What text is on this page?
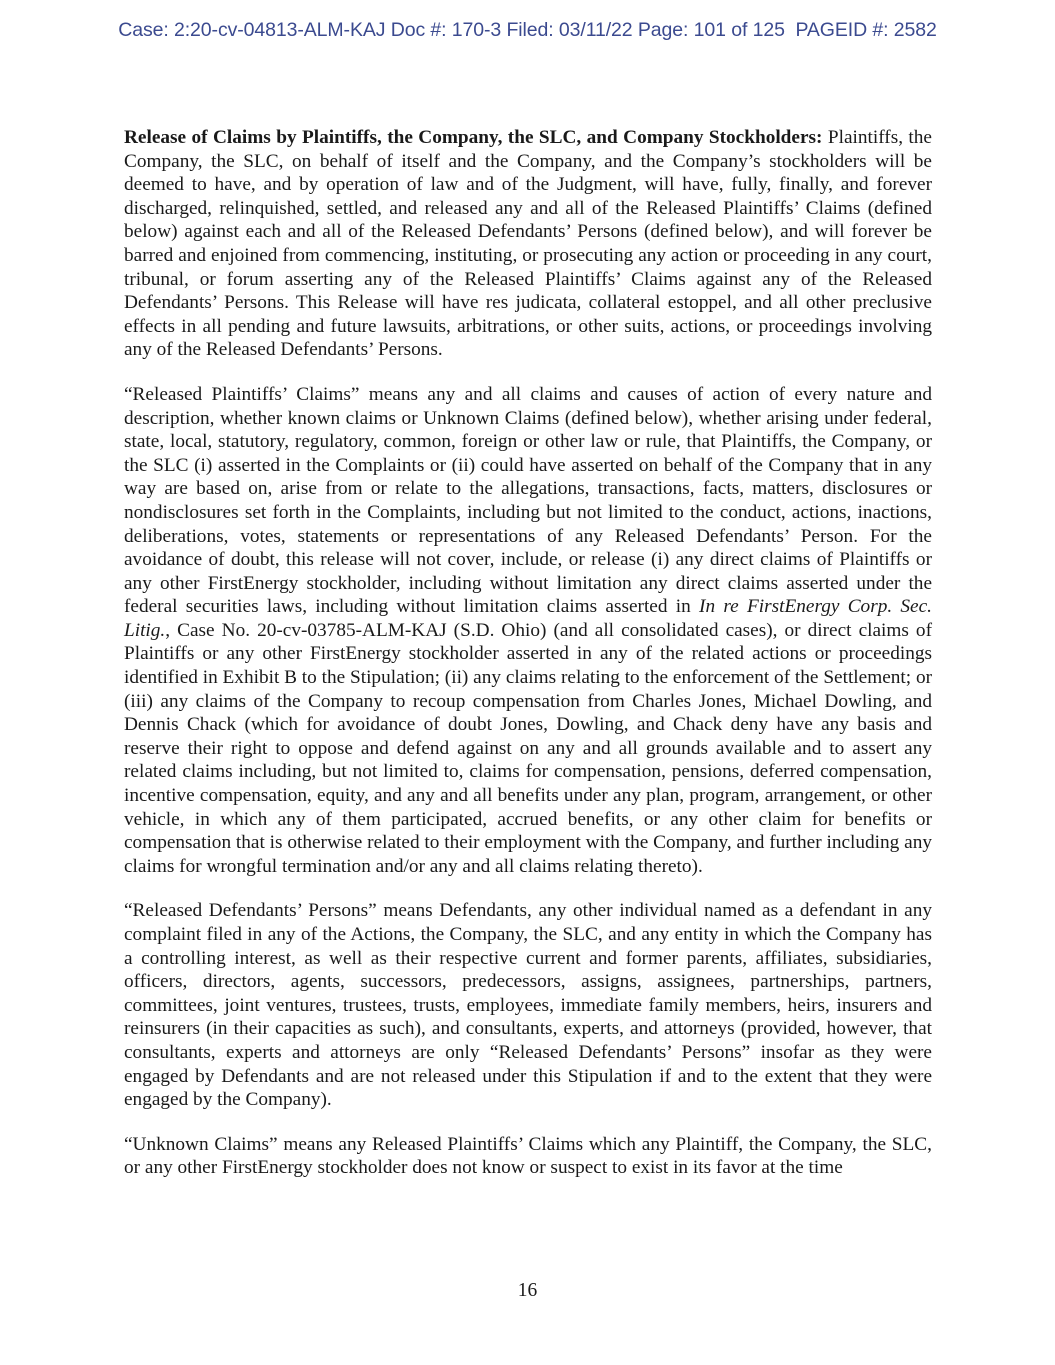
Case: 2:20-cv-04813-ALM-KAJ Doc #: 170-3 Filed: 03/11/22 Page: 101 of 125  PAGEID #: 2582

Release of Claims by Plaintiffs, the Company, the SLC, and Company Stockholders: Plaintiffs, the Company, the SLC, on behalf of itself and the Company, and the Company’s stockholders will be deemed to have, and by operation of law and of the Judgment, will have, fully, finally, and forever discharged, relinquished, settled, and released any and all of the Released Plaintiffs’ Claims (defined below) against each and all of the Released Defendants’ Persons (defined below), and will forever be barred and enjoined from commencing, instituting, or prosecuting any action or proceeding in any court, tribunal, or forum asserting any of the Released Plaintiffs’ Claims against any of the Released Defendants’ Persons. This Release will have res judicata, collateral estoppel, and all other preclusive effects in all pending and future lawsuits, arbitrations, or other suits, actions, or proceedings involving any of the Released Defendants’ Persons.

“Released Plaintiffs’ Claims” means any and all claims and causes of action of every nature and description, whether known claims or Unknown Claims (defined below), whether arising under federal, state, local, statutory, regulatory, common, foreign or other law or rule, that Plaintiffs, the Company, or the SLC (i) asserted in the Complaints or (ii) could have asserted on behalf of the Company that in any way are based on, arise from or relate to the allegations, transactions, facts, matters, disclosures or nondisclosures set forth in the Complaints, including but not limited to the conduct, actions, inactions, deliberations, votes, statements or representations of any Released Defendants’ Person. For the avoidance of doubt, this release will not cover, include, or release (i) any direct claims of Plaintiffs or any other FirstEnergy stockholder, including without limitation any direct claims asserted under the federal securities laws, including without limitation claims asserted in In re FirstEnergy Corp. Sec. Litig., Case No. 20-cv-03785-ALM-KAJ (S.D. Ohio) (and all consolidated cases), or direct claims of Plaintiffs or any other FirstEnergy stockholder asserted in any of the related actions or proceedings identified in Exhibit B to the Stipulation; (ii) any claims relating to the enforcement of the Settlement; or (iii) any claims of the Company to recoup compensation from Charles Jones, Michael Dowling, and Dennis Chack (which for avoidance of doubt Jones, Dowling, and Chack deny have any basis and reserve their right to oppose and defend against on any and all grounds available and to assert any related claims including, but not limited to, claims for compensation, pensions, deferred compensation, incentive compensation, equity, and any and all benefits under any plan, program, arrangement, or other vehicle, in which any of them participated, accrued benefits, or any other claim for benefits or compensation that is otherwise related to their employment with the Company, and further including any claims for wrongful termination and/or any and all claims relating thereto).

“Released Defendants’ Persons” means Defendants, any other individual named as a defendant in any complaint filed in any of the Actions, the Company, the SLC, and any entity in which the Company has a controlling interest, as well as their respective current and former parents, affiliates, subsidiaries, officers, directors, agents, successors, predecessors, assigns, assignees, partnerships, partners, committees, joint ventures, trustees, trusts, employees, immediate family members, heirs, insurers and reinsurers (in their capacities as such), and consultants, experts, and attorneys (provided, however, that consultants, experts and attorneys are only “Released Defendants’ Persons” insofar as they were engaged by Defendants and are not released under this Stipulation if and to the extent that they were engaged by the Company).

“Unknown Claims” means any Released Plaintiffs’ Claims which any Plaintiff, the Company, the SLC, or any other FirstEnergy stockholder does not know or suspect to exist in its favor at the time

16
